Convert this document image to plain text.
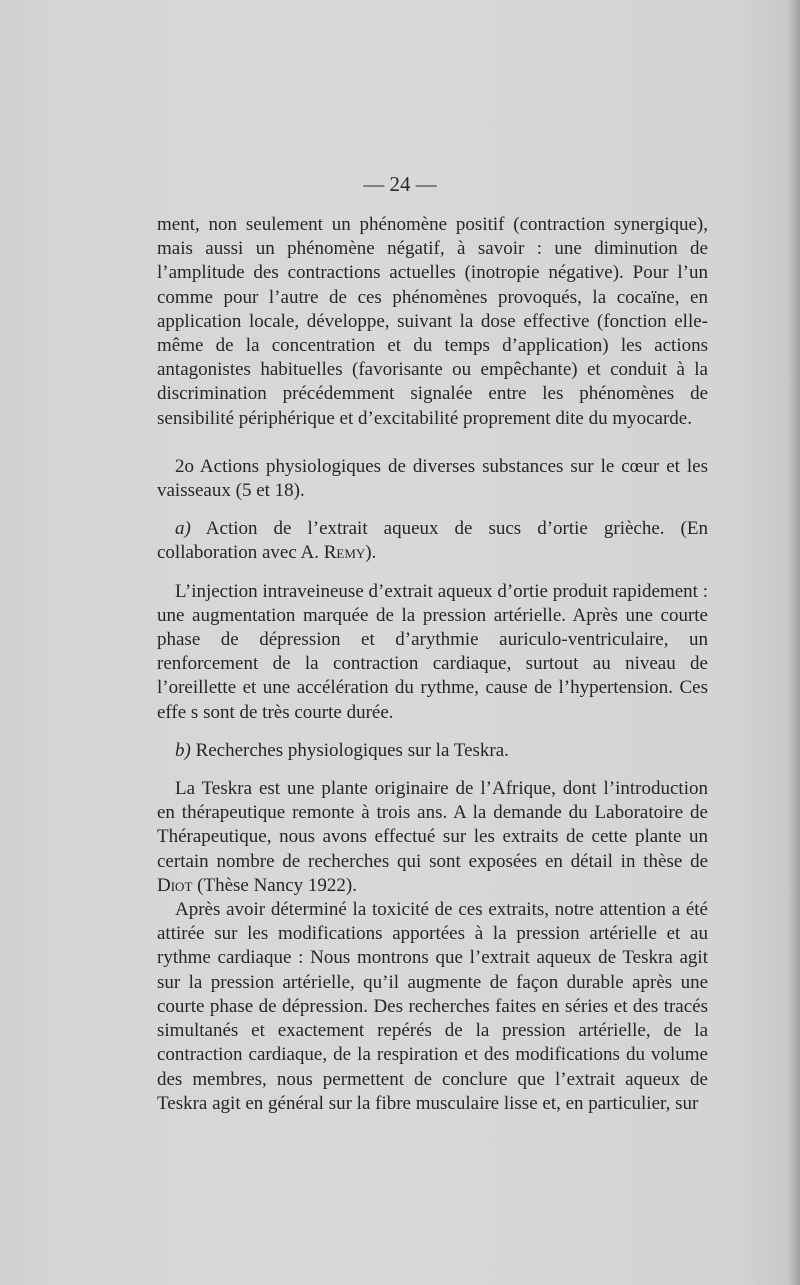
— 24 —

ment, non seulement un phénomène positif (contraction synergique), mais aussi un phénomène négatif, à savoir : une diminution de l’amplitude des contractions actuelles (inotropie négative). Pour l’un comme pour l’autre de ces phénomènes provoqués, la cocaïne, en application locale, développe, suivant la dose effective (fonction elle-même de la concentration et du temps d’application) les actions antagonistes habituelles (favorisante ou empêchante) et conduit à la discrimination précédemment signalée entre les phénomènes de sensibilité périphérique et d’excitabilité proprement dite du myocarde.

2o Actions physiologiques de diverses substances sur le cœur et les vaisseaux (5 et 18).

a) Action de l’extrait aqueux de sucs d’ortie grièche. (En collaboration avec A. Remy).

L’injection intraveineuse d’extrait aqueux d’ortie produit rapidement : une augmentation marquée de la pression artérielle. Après une courte phase de dépression et d’arythmie auriculo-ventriculaire, un renforcement de la contraction cardiaque, surtout au niveau de l’oreillette et une accélération du rythme, cause de l’hypertension. Ces effe s sont de très courte durée.

b) Recherches physiologiques sur la Teskra.

La Teskra est une plante originaire de l’Afrique, dont l’introduction en thérapeutique remonte à trois ans. A la demande du Laboratoire de Thérapeutique, nous avons effectué sur les extraits de cette plante un certain nombre de recherches qui sont exposées en détail in thèse de Diot (Thèse Nancy 1922).

Après avoir déterminé la toxicité de ces extraits, notre attention a été attirée sur les modifications apportées à la pression artérielle et au rythme cardiaque : Nous montrons que l’extrait aqueux de Teskra agit sur la pression artérielle, qu’il augmente de façon durable après une courte phase de dépression. Des recherches faites en séries et des tracés simultanés et exactement repérés de la pression artérielle, de la contraction cardiaque, de la respiration et des modifications du volume des membres, nous permettent de conclure que l’extrait aqueux de Teskra agit en général sur la fibre musculaire lisse et, en particulier, sur
